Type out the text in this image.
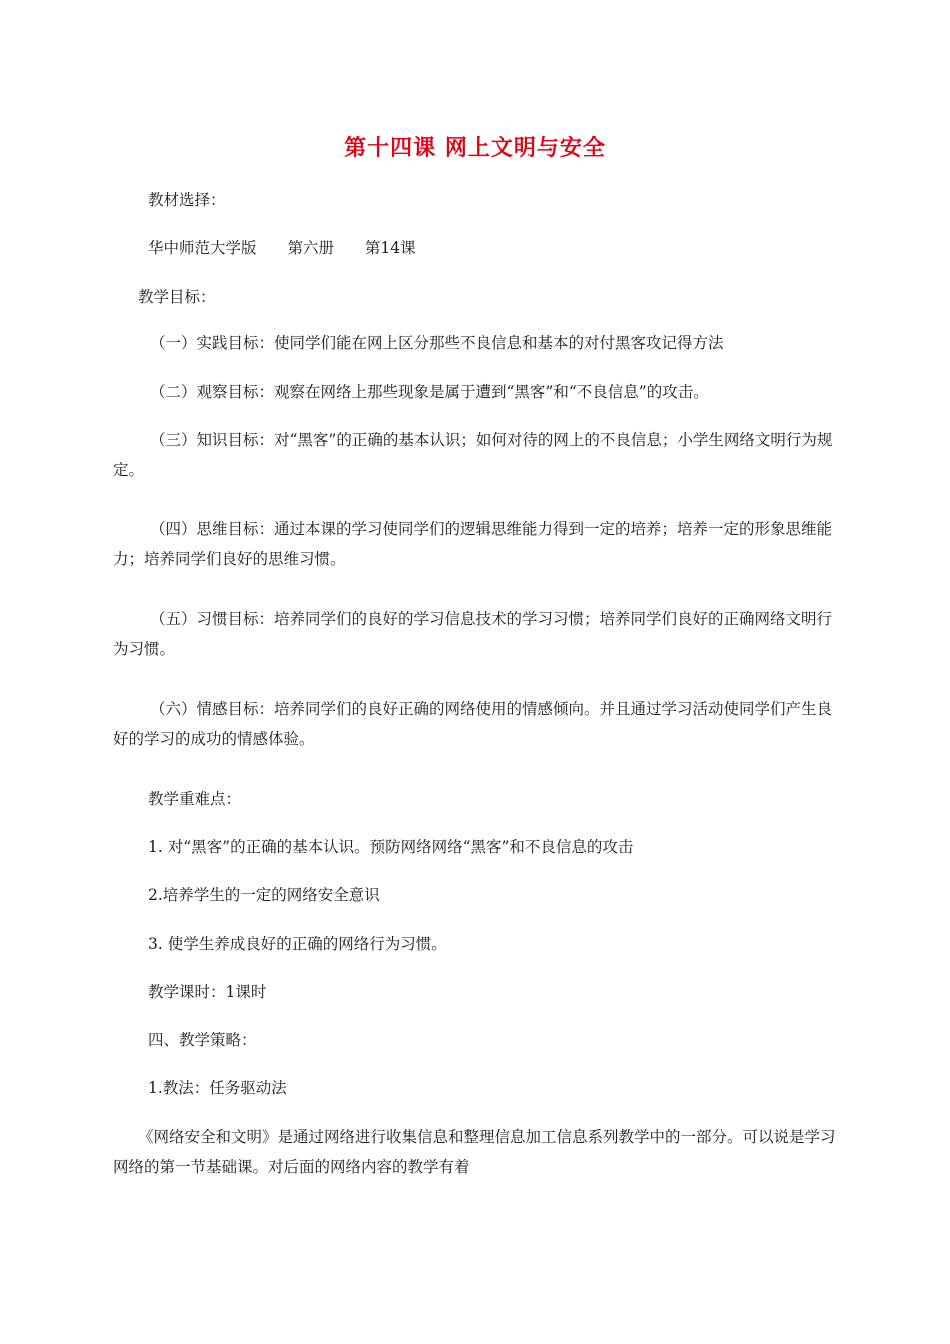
第十四课 网上文明与安全
教材选择：
华中师范大学版 第六册 第14课
教学目标：
（一）实践目标：使同学们能在网上区分那些不良信息和基本的对付黑客攻记得方法
（二）观察目标：观察在网络上那些现象是属于遭到“黑客”和“不良信息”的攻击。
（三）知识目标：对“黑客”的正确的基本认识；如何对待的网上的不良信息；小学生网络文明行为规定。
（四）思维目标：通过本课的学习使同学们的逻辑思维能力得到一定的培养；培养一定的形象思维能力；培养同学们良好的思维习惯。
（五）习惯目标：培养同学们的良好的学习信息技术的学习习惯；培养同学们良好的正确网络文明行为习惯。
（六）情感目标：培养同学们的良好正确的网络使用的情感倾向。并且通过学习活动使同学们产生良好的学习的成功的情感体验。
教学重难点：
1. 对“黑客”的正确的基本认识。预防网络网络“黑客”和不良信息的攻击
2.培养学生的一定的网络安全意识
3. 使学生养成良好的正确的网络行为习惯。
教学课时：1课时
四、教学策略：
1.教法：任务驱动法
《网络安全和文明》是通过网络进行收集信息和整理信息加工信息系列教学中的一部分。可以说是学习网络的第一节基础课。对后面的网络内容的教学有着
